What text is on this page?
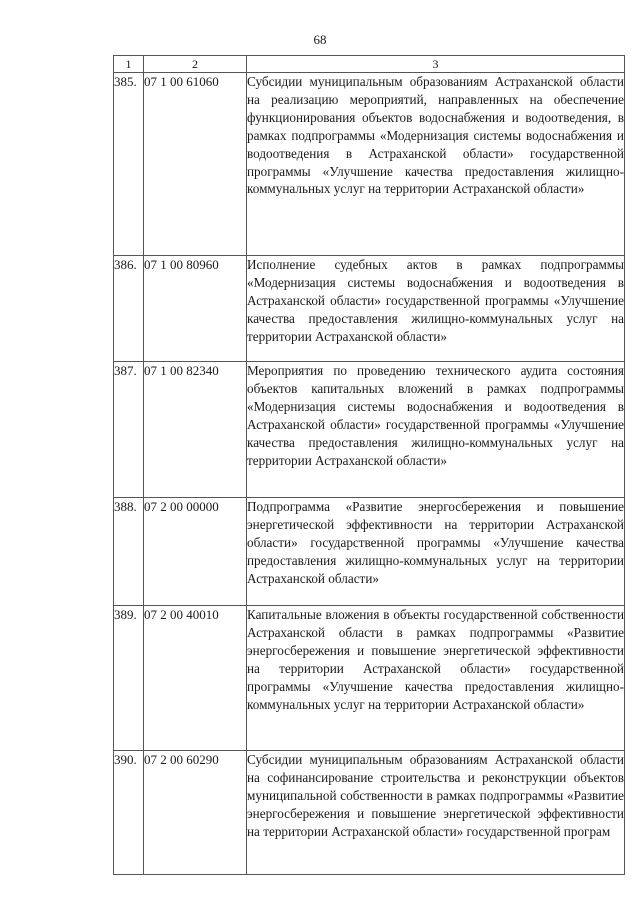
68
1	2	3
385.	07 1 00 61060	Субсидии муниципальным образованиям Астраханской области на реализацию мероприятий, направленных на обеспечение функционирования объектов водоснабжения и водоотведения, в рамках подпрограммы «Модернизация системы водоснабжения и водоотведения в Астраханской области» государственной программы «Улучшение качества предоставления жилищно-коммунальных услуг на территории Астраханской области»
386.	07 1 00 80960	Исполнение судебных актов в рамках подпрограммы «Модернизация системы водоснабжения и водоотведения в Астраханской области» государственной программы «Улучшение качества предоставления жилищно-коммунальных услуг на территории Астраханской области»
387.	07 1 00 82340	Мероприятия по проведению технического аудита состояния объектов капитальных вложений в рамках подпрограммы «Модернизация системы водоснабжения и водоотведения в Астраханской области» государственной программы «Улучшение качества предоставления жилищно-коммунальных услуг на территории Астраханской области»
388.	07 2 00 00000	Подпрограмма «Развитие энергосбережения и повышение энергетической эффективности на территории Астраханской области» государственной программы «Улучшение качества предоставления жилищно-коммунальных услуг на территории Астраханской области»
389.	07 2 00 40010	Капитальные вложения в объекты государственной собственности Астраханской области в рамках подпрограммы «Развитие энергосбережения и повышение энергетической эффективности на территории Астраханской области» государственной программы «Улучшение качества предоставления жилищно-коммунальных услуг на территории Астраханской области»
390.	07 2 00 60290	Субсидии муниципальным образованиям Астраханской области на софинансирование строительства и реконструкции объектов муниципальной собственности в рамках подпрограммы «Развитие энергосбережения и повышение энергетической эффективности на территории Астраханской области» государственной програм
